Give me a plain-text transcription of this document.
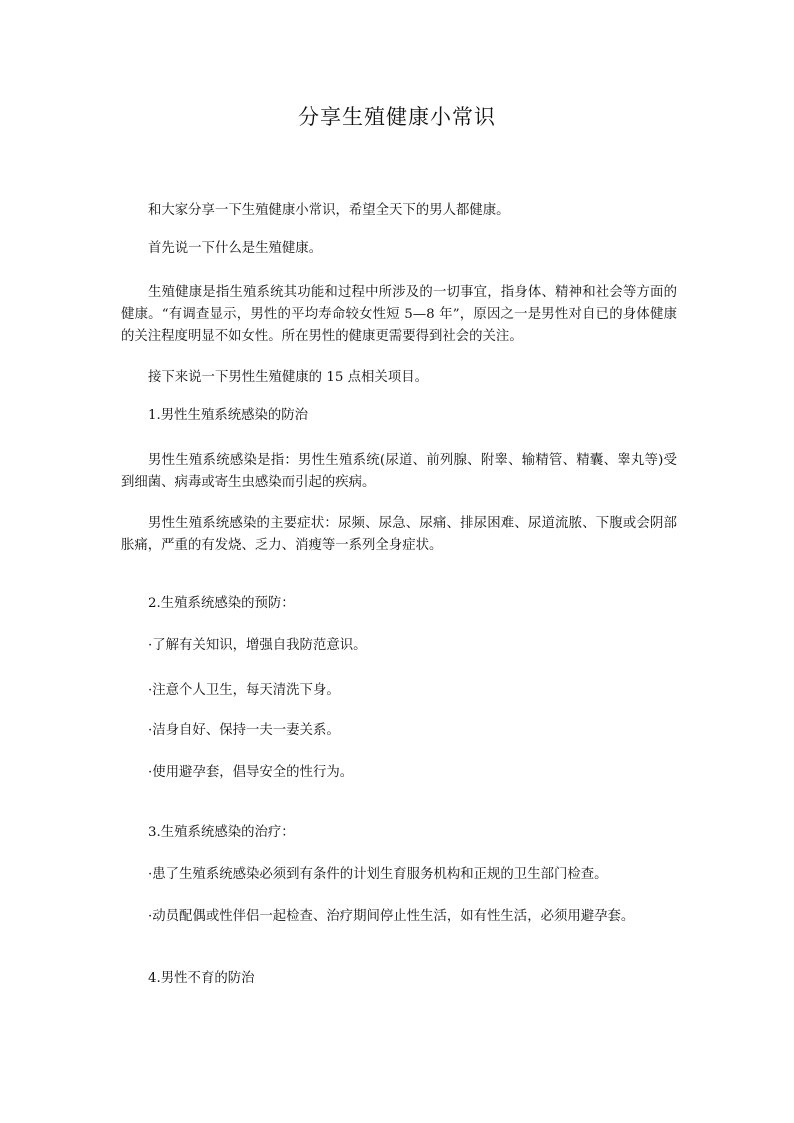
分享生殖健康小常识

和大家分享一下生殖健康小常识，希望全天下的男人都健康。

首先说一下什么是生殖健康。

生殖健康是指生殖系统其功能和过程中所涉及的一切事宜，指身体、精神和社会等方面的健康。“有调查显示，男性的平均寿命较女性短 5—8 年”，原因之一是男性对自已的身体健康的关注程度明显不如女性。所在男性的健康更需要得到社会的关注。

接下来说一下男性生殖健康的 15 点相关项目。

1.男性生殖系统感染的防治

男性生殖系统感染是指：男性生殖系统(尿道、前列腺、附睾、输精管、精囊、睾丸等)受到细菌、病毒或寄生虫感染而引起的疾病。

男性生殖系统感染的主要症状：尿频、尿急、尿痛、排尿困难、尿道流脓、下腹或会阴部胀痛，严重的有发烧、乏力、消瘦等一系列全身症状。

2.生殖系统感染的预防：

·了解有关知识，增强自我防范意识。

·注意个人卫生，每天清洗下身。

·洁身自好、保持一夫一妻关系。

·使用避孕套，倡导安全的性行为。

3.生殖系统感染的治疗：

·患了生殖系统感染必须到有条件的计划生育服务机构和正规的卫生部门检查。

·动员配偶或性伴侣一起检查、治疗期间停止性生活，如有性生活，必须用避孕套。

4.男性不育的防治
